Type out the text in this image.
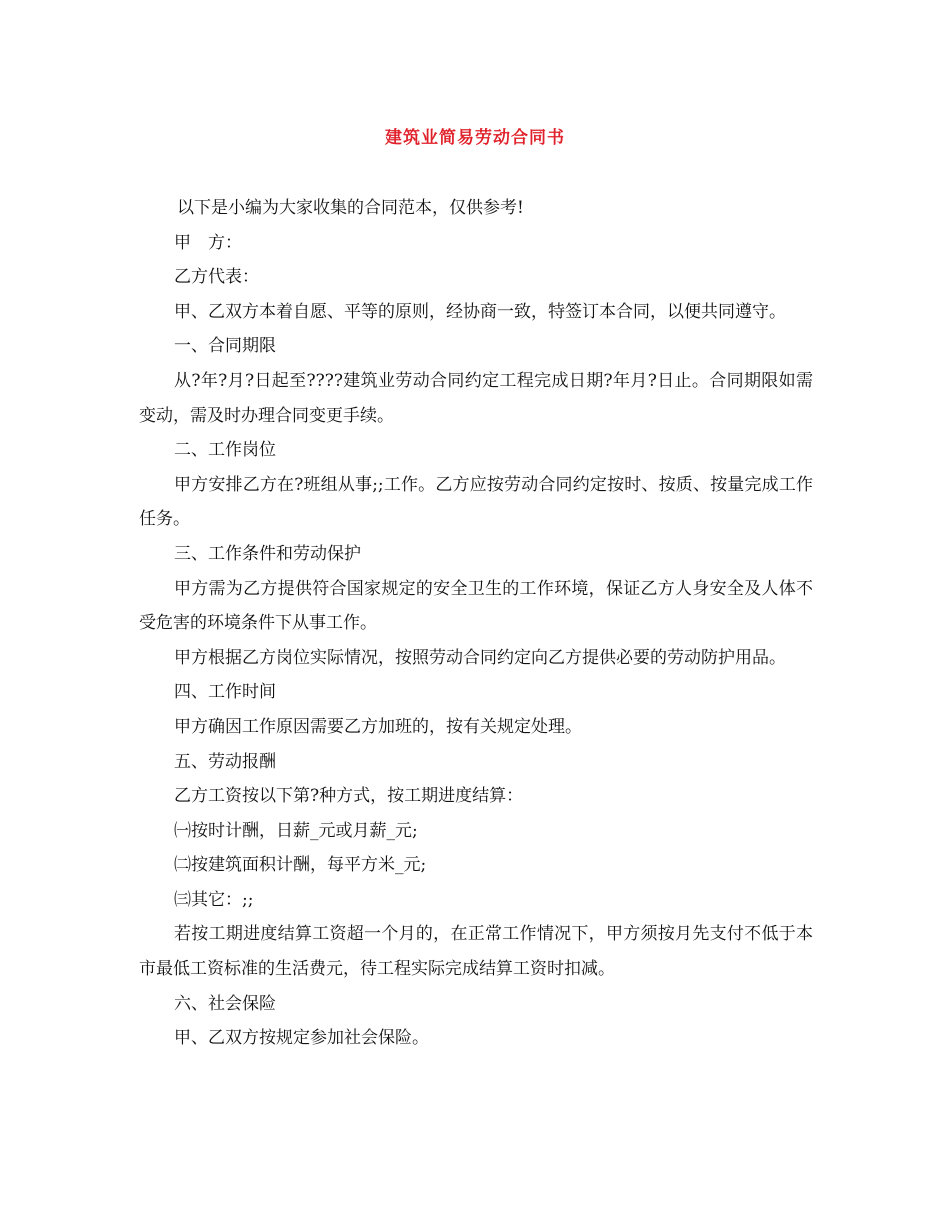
建筑业简易劳动合同书

以下是小编为大家收集的合同范本，仅供参考!

甲　方：

乙方代表：

甲、乙双方本着自愿、平等的原则，经协商一致，特签订本合同，以便共同遵守。

一、合同期限

从?年?月?日起至????建筑业劳动合同约定工程完成日期?年月?日止。合同期限如需变动，需及时办理合同变更手续。

二、工作岗位

甲方安排乙方在?班组从事;;工作。乙方应按劳动合同约定按时、按质、按量完成工作任务。

三、工作条件和劳动保护

甲方需为乙方提供符合国家规定的安全卫生的工作环境，保证乙方人身安全及人体不受危害的环境条件下从事工作。

甲方根据乙方岗位实际情况，按照劳动合同约定向乙方提供必要的劳动防护用品。

四、工作时间

甲方确因工作原因需要乙方加班的，按有关规定处理。

五、劳动报酬

乙方工资按以下第?种方式，按工期进度结算：

㈠按时计酬，日薪_元或月薪_元;

㈡按建筑面积计酬，每平方米_元;

㈢其它：;;

若按工期进度结算工资超一个月的，在正常工作情况下，甲方须按月先支付不低于本市最低工资标准的生活费元，待工程实际完成结算工资时扣减。

六、社会保险

甲、乙双方按规定参加社会保险。
